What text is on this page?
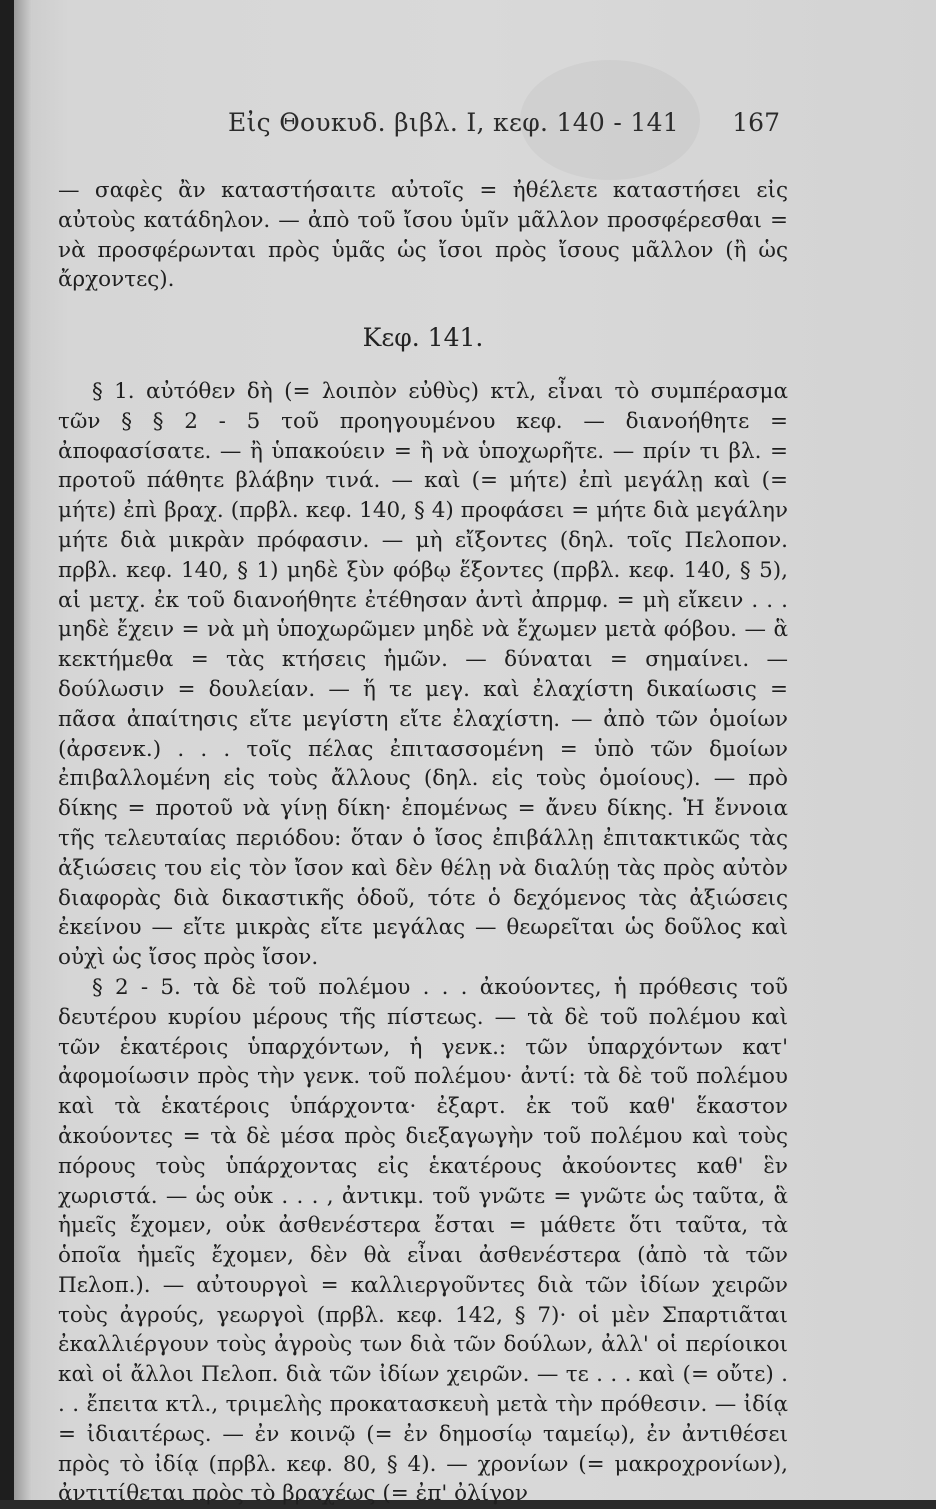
Εἰς Θουκυδ. βιβλ. Ι, κεφ. 140 - 141 167

— σαφὲς ἂν καταστήσαιτε αὐτοῖς = ἠθέλετε καταστήσει εἰς αὐτοὺς κατάδηλον. — ἀπὸ τοῦ ἴσου ὑμῖν μᾶλλον προσφέρεσθαι = νὰ προσφέρωνται πρὸς ὑμᾶς ὡς ἴσοι πρὸς ἴσους μᾶλλον (ἢ ὡς ἄρχοντες).

Κεφ. 141.

§ 1. αὐτόθεν δὴ (= λοιπὸν εὐθὺς) κτλ, εἶναι τὸ συμπέρασμα τῶν § § 2 - 5 τοῦ προηγουμένου κεφ. — διανοήθητε = ἀποφασίσατε. — ἢ ὑπακούειν = ἢ νὰ ὑποχωρῆτε. — πρίν τι βλ. = προτοῦ πάθητε βλάβην τινά. — καὶ (= μήτε) ἐπὶ μεγάλῃ καὶ (= μήτε) ἐπὶ βραχ. (πρβλ. κεφ. 140, § 4) προφάσει = μήτε διὰ μεγάλην μήτε διὰ μικρὰν πρόφασιν. — μὴ εἴξοντες (δηλ. τοῖς Πελοπον. πρβλ. κεφ. 140, § 1) μηδὲ ξὺν φόβῳ ἕξοντες (πρβλ. κεφ. 140, § 5), αἱ μετχ. ἐκ τοῦ διανοήθητε ἐτέθησαν ἀντὶ ἀπρμφ. = μὴ εἴκειν . . . μηδὲ ἔχειν = νὰ μὴ ὑποχωρῶμεν μηδὲ νὰ ἔχωμεν μετὰ φόβου. — ἃ κεκτήμεθα = τὰς κτήσεις ἡμῶν. — δύναται = σημαίνει. — δούλωσιν = δουλείαν. — ἥ τε μεγ. καὶ ἐλαχίστη δικαίωσις = πᾶσα ἀπαίτησις εἴτε μεγίστη εἴτε ἐλαχίστη. — ἀπὸ τῶν ὁμοίων (ἀρσενκ.) . . . τοῖς πέλας ἐπιτασσομένη = ὑπὸ τῶν δμοίων ἐπιβαλλομένη εἰς τοὺς ἄλλους (δηλ. εἰς τοὺς ὁμοίους). — πρὸ δίκης = προτοῦ νὰ γίνῃ δίκη· ἐπομένως = ἄνευ δίκης. Ἡ ἔννοια τῆς τελευταίας περιόδου: ὅταν ὁ ἴσος ἐπιβάλλῃ ἐπιτακτικῶς τὰς ἀξιώσεις του εἰς τὸν ἴσον καὶ δὲν θέλῃ νὰ διαλύῃ τὰς πρὸς αὐτὸν διαφορὰς διὰ δικαστικῆς ὁδοῦ, τότε ὁ δεχόμενος τὰς ἀξιώσεις ἐκείνου — εἴτε μικρὰς εἴτε μεγάλας — θεωρεῖται ὡς δοῦλος καὶ οὐχὶ ὡς ἴσος πρὸς ἴσον.

§ 2 - 5. τὰ δὲ τοῦ πολέμου . . . ἀκούοντες, ἡ πρόθεσις τοῦ δευτέρου κυρίου μέρους τῆς πίστεως. — τὰ δὲ τοῦ πολέμου καὶ τῶν ἑκατέροις ὑπαρχόντων, ἡ γενκ.: τῶν ὑπαρχόντων κατ' ἀφομοίωσιν πρὸς τὴν γενκ. τοῦ πολέμου· ἀντί: τὰ δὲ τοῦ πολέμου καὶ τὰ ἑκατέροις ὑπάρχοντα· ἐξαρτ. ἐκ τοῦ καθ' ἕκαστον ἀκούοντες = τὰ δὲ μέσα πρὸς διεξαγωγὴν τοῦ πολέμου καὶ τοὺς πόρους τοὺς ὑπάρχοντας εἰς ἑκατέρους ἀκούοντες καθ' ἓν χωριστά. — ὡς οὐκ . . . , ἀντικμ. τοῦ γνῶτε = γνῶτε ὡς ταῦτα, ἃ ἡμεῖς ἔχομεν, οὐκ ἀσθενέστερα ἔσται = μάθετε ὅτι ταῦτα, τὰ ὁποῖα ἡμεῖς ἔχομεν, δὲν θὰ εἶναι ἀσθενέστερα (ἀπὸ τὰ τῶν Πελοπ.). — αὐτουργοὶ = καλλιεργοῦντες διὰ τῶν ἰδίων χειρῶν τοὺς ἀγρούς, γεωργοὶ (πρβλ. κεφ. 142, § 7)· οἱ μὲν Σπαρτιᾶται ἐκαλλιέργουν τοὺς ἀγροὺς των διὰ τῶν δούλων, ἀλλ' οἱ περίοικοι καὶ οἱ ἄλλοι Πελοπ. διὰ τῶν ἰδίων χειρῶν. — τε . . . καὶ (= οὔτε) . . . ἔπειτα κτλ., τριμελὴς προκατασκευὴ μετὰ τὴν πρόθεσιν. — ἰδίᾳ = ἰδιαιτέρως. — ἐν κοινῷ (= ἐν δημοσίῳ ταμείῳ), ἐν ἀντιθέσει πρὸς τὸ ἰδίᾳ (πρβλ. κεφ. 80, § 4). — χρονίων (= μακροχρονίων), ἀντιτίθεται πρὸς τὸ βραχέως (= ἐπ' ὀλίγον
